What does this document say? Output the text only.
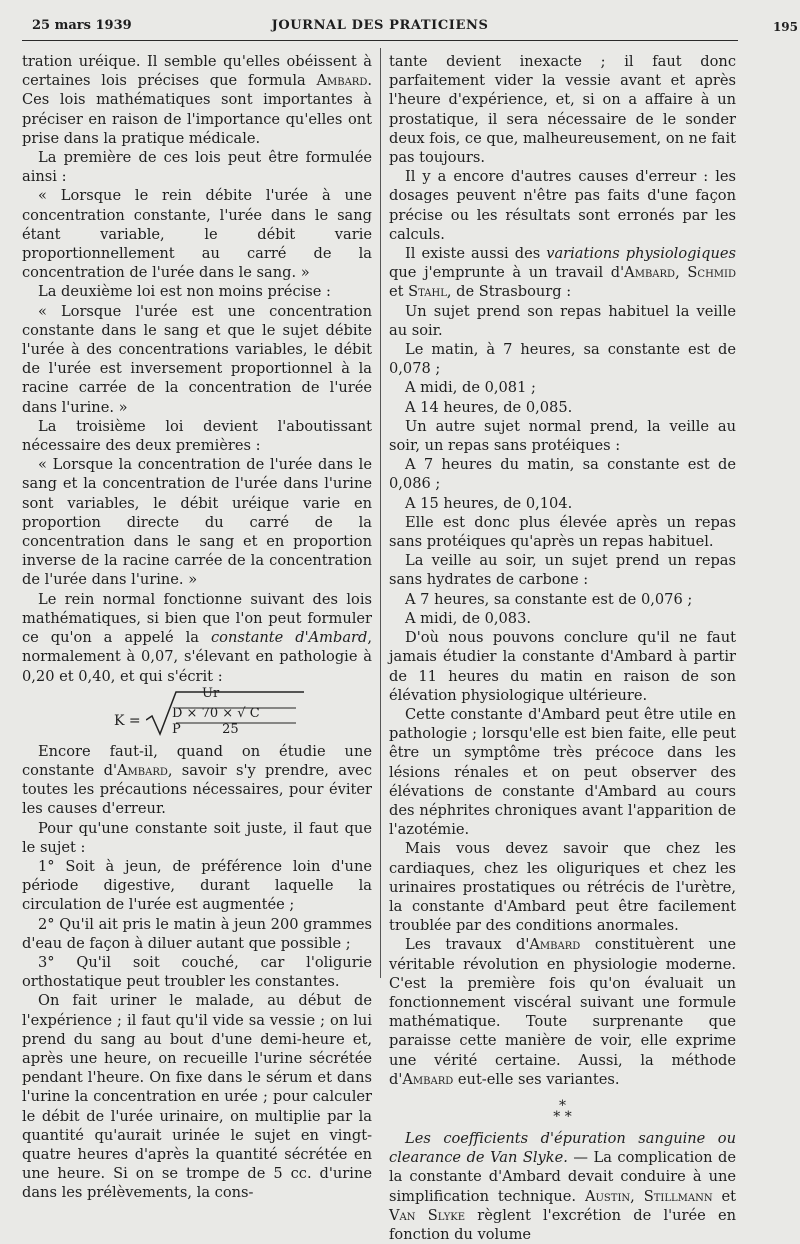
25 mars 1939	JOURNAL DES PRATICIENS	195

tration uréique. Il semble qu'elles obéissent à certaines lois précises que formula Ambard. Ces lois mathématiques sont importantes à préciser en raison de l'importance qu'elles ont prise dans la pratique médicale.

La première de ces lois peut être formulée ainsi :

« Lorsque le rein débite l'urée à une concentration constante, l'urée dans le sang étant variable, le débit varie proportionnellement au carré de la concentration de l'urée dans le sang. »

La deuxième loi est non moins précise :

« Lorsque l'urée est une concentration constante dans le sang et que le sujet débite l'urée à des concentrations variables, le débit de l'urée est inversement proportionnel à la racine carrée de la concentration de l'urée dans l'urine. »

La troisième loi devient l'aboutissant nécessaire des deux premières :

« Lorsque la concentration de l'urée dans le sang et la concentration de l'urée dans l'urine sont variables, le débit uréique varie en proportion directe du carré de la concentration dans le sang et en proportion inverse de la racine carrée de la concentration de l'urée dans l'urine. »

Le rein normal fonctionne suivant des lois mathématiques, si bien que l'on peut formuler ce qu'on a appelé la constante d'Ambard, normalement à 0,07, s'élevant en pathologie à 0,20 et 0,40, et qui s'écrit :

K =
Ur
D × 70 × √ C
P          25

Encore faut-il, quand on étudie une constante d'Ambard, savoir s'y prendre, avec toutes les précautions nécessaires, pour éviter les causes d'erreur.

Pour qu'une constante soit juste, il faut que le sujet :

1° Soit à jeun, de préférence loin d'une période digestive, durant laquelle la circulation de l'urée est augmentée ;

2° Qu'il ait pris le matin à jeun 200 grammes d'eau de façon à diluer autant que possible ;

3° Qu'il soit couché, car l'oligurie orthostatique peut troubler les constantes.

On fait uriner le malade, au début de l'expérience ; il faut qu'il vide sa vessie ; on lui prend du sang au bout d'une demi-heure et, après une heure, on recueille l'urine sécrétée pendant l'heure. On fixe dans le sérum et dans l'urine la concentration en urée ; pour calculer le débit de l'urée urinaire, on multiplie par la quantité qu'aurait urinée le sujet en vingt-quatre heures d'après la quantité sécrétée en une heure. Si on se trompe de 5 cc. d'urine dans les prélèvements, la cons-

tante devient inexacte ; il faut donc parfaitement vider la vessie avant et après l'heure d'expérience, et, si on a affaire à un prostatique, il sera nécessaire de le sonder deux fois, ce que, malheureusement, on ne fait pas toujours.

Il y a encore d'autres causes d'erreur : les dosages peuvent n'être pas faits d'une façon précise ou les résultats sont erronés par les calculs.

Il existe aussi des variations physiologiques que j'emprunte à un travail d'Ambard, Schmid et Stahl, de Strasbourg :

Un sujet prend son repas habituel la veille au soir.

Le matin, à 7 heures, sa constante est de 0,078 ;

A midi, de 0,081 ;

A 14 heures, de 0,085.

Un autre sujet normal prend, la veille au soir, un repas sans protéiques :

A 7 heures du matin, sa constante est de 0,086 ;

A 15 heures, de 0,104.

Elle est donc plus élevée après un repas sans protéiques qu'après un repas habituel.

La veille au soir, un sujet prend un repas sans hydrates de carbone :

A 7 heures, sa constante est de 0,076 ;

A midi, de 0,083.

D'où nous pouvons conclure qu'il ne faut jamais étudier la constante d'Ambard à partir de 11 heures du matin en raison de son élévation physiologique ultérieure.

Cette constante d'Ambard peut être utile en pathologie ; lorsqu'elle est bien faite, elle peut être un symptôme très précoce dans les lésions rénales et on peut observer des élévations de constante d'Ambard au cours des néphrites chroniques avant l'apparition de l'azotémie.

Mais vous devez savoir que chez les cardiaques, chez les oliguriques et chez les urinaires prostatiques ou rétrécis de l'urètre, la constante d'Ambard peut être facilement troublée par des conditions anormales.

Les travaux d'Ambard constituèrent une véritable révolution en physiologie moderne. C'est la première fois qu'on évaluait un fonctionnement viscéral suivant une formule mathématique. Toute surprenante que paraisse cette manière de voir, elle exprime une vérité certaine. Aussi, la méthode d'Ambard eut-elle ses variantes.

*
* *

Les coefficients d'épuration sanguine ou clearance de Van Slyke. — La complication de la constante d'Ambard devait conduire à une simplification technique. Austin, Stillmann et Van Slyke règlent l'excrétion de l'urée en fonction du volume
